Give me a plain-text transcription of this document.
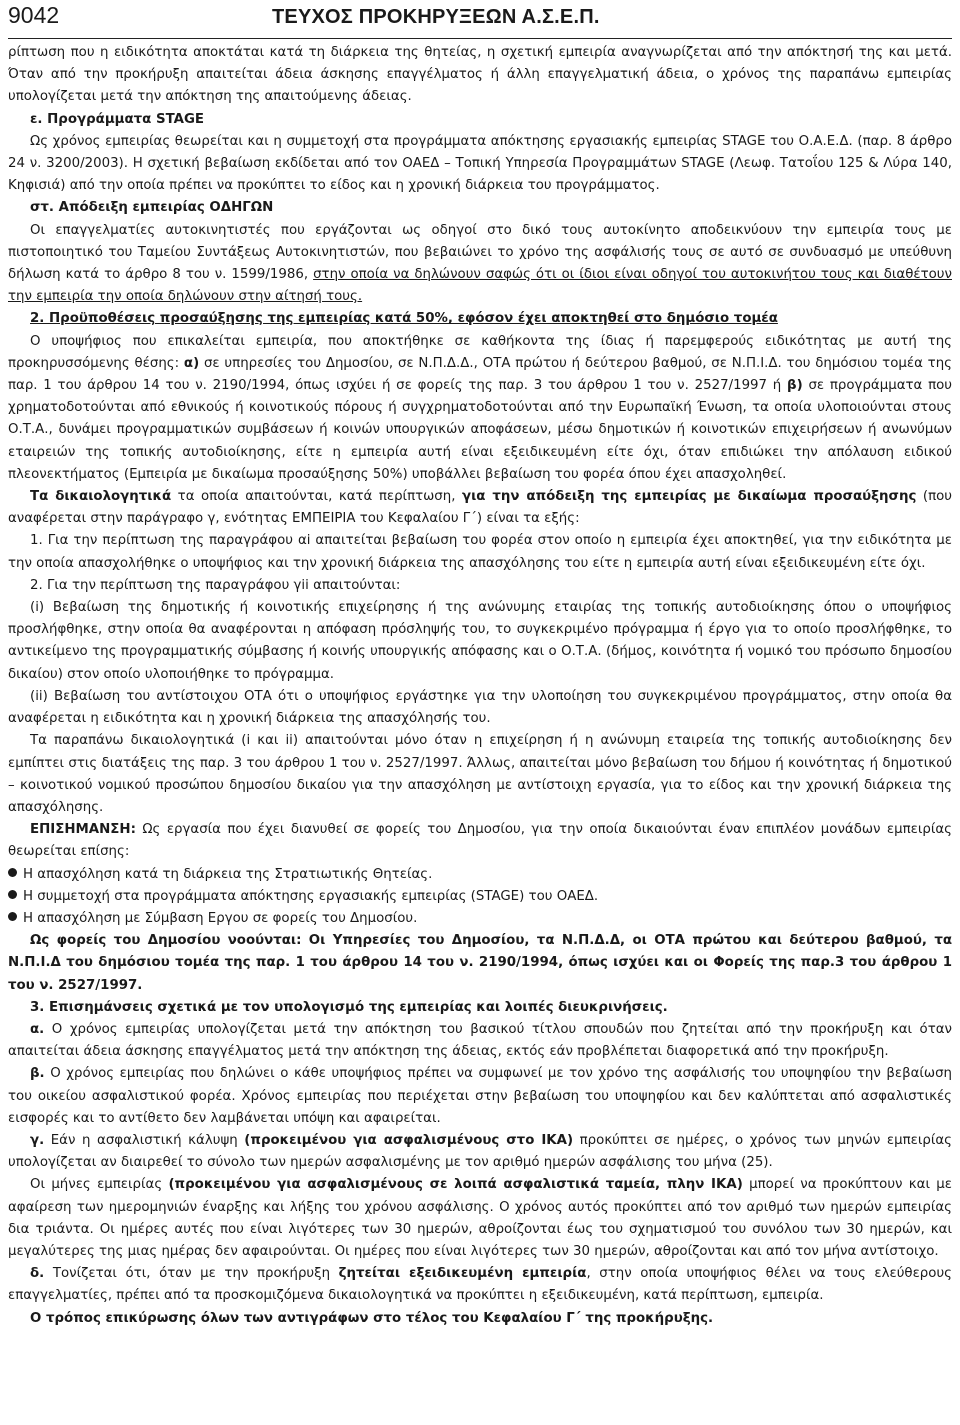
9042	ΤΕΥΧΟΣ ΠΡΟΚΗΡΥΞΕΩΝ Α.Σ.Ε.Π.

ρίπτωση που η ειδικότητα αποκτάται κατά τη διάρκεια της θητείας, η σχετική εμπειρία αναγνωρίζεται από την απόκτησή της και μετά. Όταν από την προκήρυξη απαιτείται άδεια άσκησης επαγγέλματος ή άλλη επαγγελματική άδεια, ο χρόνος της παραπάνω εμπειρίας υπολογίζεται μετά την απόκτηση της απαιτούμενης άδειας.

ε. Προγράμματα STAGE

Ως χρόνος εμπειρίας θεωρείται και η συμμετοχή στα προγράμματα απόκτησης εργασιακής εμπειρίας STAGE του Ο.Α.Ε.Δ. (παρ. 8 άρθρο 24 ν. 3200/2003). Η σχετική βεβαίωση εκδίδεται από τον ΟΑΕΔ – Τοπική Υπηρεσία Προγραμμάτων STAGE (Λεωφ. Τατοΐου 125 & Λύρα 140, Κηφισιά) από την οποία πρέπει να προκύπτει το είδος και η χρονική διάρκεια του προγράμματος.

στ. Απόδειξη εμπειρίας ΟΔΗΓΩΝ

Οι επαγγελματίες αυτοκινητιστές που εργάζονται ως οδηγοί στο δικό τους αυτοκίνητο αποδεικνύουν την εμπειρία τους με πιστοποιητικό του Ταμείου Συντάξεως Αυτοκινητιστών, που βεβαιώνει το χρόνο της ασφάλισής τους σε αυτό σε συνδυασμό με υπεύθυνη δήλωση κατά το άρθρο 8 του ν. 1599/1986, στην οποία να δηλώνουν σαφώς ότι οι ίδιοι είναι οδηγοί του αυτοκινήτου τους και διαθέτουν την εμπειρία την οποία δηλώνουν στην αίτησή τους.

2. Προϋποθέσεις προσαύξησης της εμπειρίας κατά 50%, εφόσον έχει αποκτηθεί στο δημόσιο τομέα

Ο υποψήφιος που επικαλείται εμπειρία, που αποκτήθηκε σε καθήκοντα της ίδιας ή παρεμφερούς ειδικότητας με αυτή της προκηρυσσόμενης θέσης: α) σε υπηρεσίες του Δημοσίου, σε Ν.Π.Δ.Δ., ΟΤΑ πρώτου ή δεύτερου βαθμού, σε Ν.Π.Ι.Δ. του δημόσιου τομέα της παρ. 1 του άρθρου 14 του ν. 2190/1994, όπως ισχύει ή σε φορείς της παρ. 3 του άρθρου 1 του ν. 2527/1997 ή β) σε προγράμματα που χρηματοδοτούνται από εθνικούς ή κοινοτικούς πόρους ή συγχρηματοδοτούνται από την Ευρωπαϊκή Ένωση, τα οποία υλοποιούνται στους Ο.Τ.Α., δυνάμει προγραμματικών συμβάσεων ή κοινών υπουργικών αποφάσεων, μέσω δημοτικών ή κοινοτικών επιχειρήσεων ή ανωνύμων εταιρειών της τοπικής αυτοδιοίκησης, είτε η εμπειρία αυτή είναι εξειδικευμένη είτε όχι, όταν επιδιώκει την απόλαυση ειδικού πλεονεκτήματος (Εμπειρία με δικαίωμα προσαύξησης 50%) υποβάλλει βεβαίωση του φορέα όπου έχει απασχοληθεί.

Τα δικαιολογητικά τα οποία απαιτούνται, κατά περίπτωση, για την απόδειξη της εμπειρίας με δικαίωμα προσαύξησης (που αναφέρεται στην παράγραφο γ, ενότητας ΕΜΠΕΙΡΙΑ του Κεφαλαίου Γ΄) είναι τα εξής:

1. Για την περίπτωση της παραγράφου αi απαιτείται βεβαίωση του φορέα στον οποίο η εμπειρία έχει αποκτηθεί, για την ειδικότητα με την οποία απασχολήθηκε ο υποψήφιος και την χρονική διάρκεια της απασχόλησης του είτε η εμπειρία αυτή είναι εξειδικευμένη είτε όχι.

2. Για την περίπτωση της παραγράφου γii απαιτούνται:

(i) Βεβαίωση της δημοτικής ή κοινοτικής επιχείρησης ή της ανώνυμης εταιρίας της τοπικής αυτοδιοίκησης όπου ο υποψήφιος προσλήφθηκε, στην οποία θα αναφέρονται η απόφαση πρόσληψής του, το συγκεκριμένο πρόγραμμα ή έργο για το οποίο προσλήφθηκε, το αντικείμενο της προγραμματικής σύμβασης ή κοινής υπουργικής απόφασης και ο Ο.Τ.Α. (δήμος, κοινότητα ή νομικό του πρόσωπο δημοσίου δικαίου) στον οποίο υλοποιήθηκε το πρόγραμμα.

(ii) Βεβαίωση του αντίστοιχου ΟΤΑ ότι ο υποψήφιος εργάστηκε για την υλοποίηση του συγκεκριμένου προγράμματος, στην οποία θα αναφέρεται η ειδικότητα και η χρονική διάρκεια της απασχόλησής του.

Τα παραπάνω δικαιολογητικά (i και ii) απαιτούνται μόνο όταν η επιχείρηση ή η ανώνυμη εταιρεία της τοπικής αυτοδιοίκησης δεν εμπίπτει στις διατάξεις της παρ. 3 του άρθρου 1 του ν. 2527/1997. Άλλως, απαιτείται μόνο βεβαίωση του δήμου ή κοινότητας ή δημοτικού – κοινοτικού νομικού προσώπου δημοσίου δικαίου για την απασχόληση με αντίστοιχη εργασία, για το είδος και την χρονική διάρκεια της απασχόλησης.

ΕΠΙΣΗΜΑΝΣΗ: Ως εργασία που έχει διανυθεί σε φορείς του Δημοσίου, για την οποία δικαιούνται έναν επιπλέον μονάδων εμπειρίας θεωρείται επίσης:

Η απασχόληση κατά τη διάρκεια της Στρατιωτικής Θητείας.

Η συμμετοχή στα προγράμματα απόκτησης εργασιακής εμπειρίας (STAGE) του ΟΑΕΔ.

Η απασχόληση με Σύμβαση Εργου σε φορείς του Δημοσίου.

Ως φορείς του Δημοσίου νοούνται: Οι Υπηρεσίες του Δημοσίου, τα Ν.Π.Δ.Δ, οι ΟΤΑ πρώτου και δεύτερου βαθμού, τα Ν.Π.Ι.Δ του δημόσιου τομέα της παρ. 1 του άρθρου 14 του ν. 2190/1994, όπως ισχύει και οι Φορείς της παρ.3 του άρθρου 1 του ν. 2527/1997.

3. Επισημάνσεις σχετικά με τον υπολογισμό της εμπειρίας και λοιπές διευκρινήσεις.

α. Ο χρόνος εμπειρίας υπολογίζεται μετά την απόκτηση του βασικού τίτλου σπουδών που ζητείται από την προκήρυξη και όταν απαιτείται άδεια άσκησης επαγγέλματος μετά την απόκτηση της άδειας, εκτός εάν προβλέπεται διαφορετικά από την προκήρυξη.

β. Ο χρόνος εμπειρίας που δηλώνει ο κάθε υποψήφιος πρέπει να συμφωνεί με τον χρόνο της ασφάλισής του υποψηφίου την βεβαίωση του οικείου ασφαλιστικού φορέα. Χρόνος εμπειρίας που περιέχεται στην βεβαίωση του υποψηφίου και δεν καλύπτεται από ασφαλιστικές εισφορές και το αντίθετο δεν λαμβάνεται υπόψη και αφαιρείται.

γ. Εάν η ασφαλιστική κάλυψη (προκειμένου για ασφαλισμένους στο ΙΚΑ) προκύπτει σε ημέρες, ο χρόνος των μηνών εμπειρίας υπολογίζεται αν διαιρεθεί το σύνολο των ημερών ασφαλισμένης με τον αριθμό ημερών ασφάλισης του μήνα (25).

Οι μήνες εμπειρίας (προκειμένου για ασφαλισμένους σε λοιπά ασφαλιστικά ταμεία, πλην ΙΚΑ) μπορεί να προκύπτουν και με αφαίρεση των ημερομηνιών έναρξης και λήξης του χρόνου ασφάλισης. Ο χρόνος αυτός προκύπτει από τον αριθμό των ημερών εμπειρίας δια τριάντα. Οι ημέρες αυτές που είναι λιγότερες των 30 ημερών, αθροίζονται έως του σχηματισμού του συνόλου των 30 ημερών, και μεγαλύτερες της μιας ημέρας δεν αφαιρούνται. Οι ημέρες που είναι λιγότερες των 30 ημερών, αθροίζονται και από τον μήνα αντίστοιχο.

δ. Τονίζεται ότι, όταν με την προκήρυξη ζητείται εξειδικευμένη εμπειρία, στην οποία υποψήφιος θέλει να τους ελεύθερους επαγγελματίες, πρέπει από τα προσκομιζόμενα δικαιολογητικά να προκύπτει η εξειδικευμένη, κατά περίπτωση, εμπειρία.

Ο τρόπος επικύρωσης όλων των αντιγράφων στο τέλος του Κεφαλαίου Γ΄ της προκήρυξης.
